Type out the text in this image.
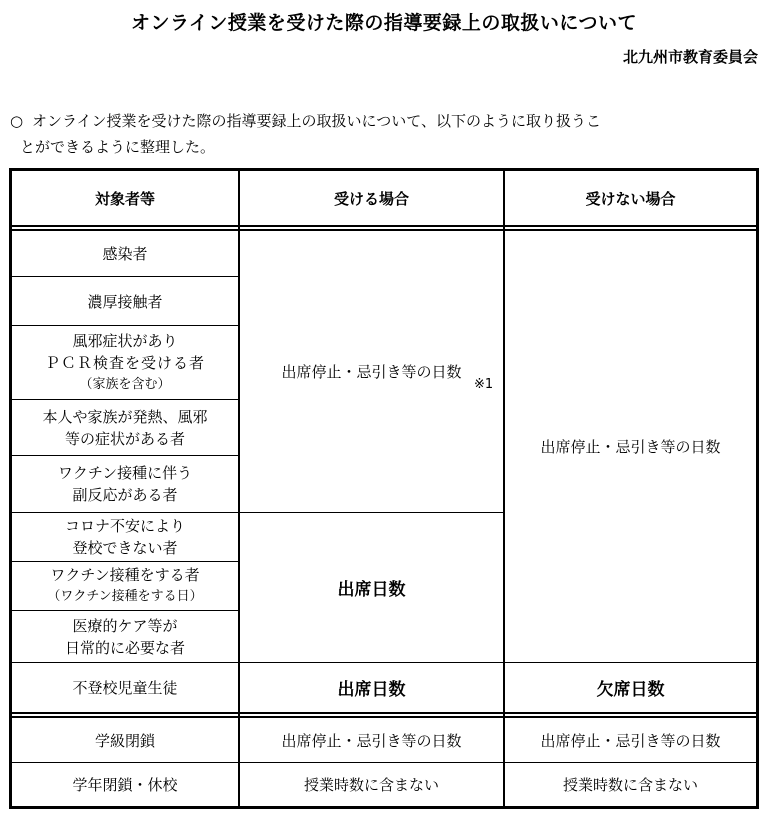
オンライン授業を受けた際の指導要録上の取扱いについて
北九州市教育委員会
○ オンライン授業を受けた際の指導要録上の取扱いについて、以下のように取り扱うこ
とができるように整理した。
対象者等	受ける場合	受けない場合
感染者
濃厚接触者
風邪症状があり
ＰＣＲ検査を受ける者
（家族を含む）
本人や家族が発熱、風邪
等の症状がある者
ワクチン接種に伴う
副反応がある者
コロナ不安により
登校できない者
ワクチン接種をする者
（ワクチン接種をする日）
医療的ケア等が
日常的に必要な者
不登校児童生徒
学級閉鎖
学年閉鎖・休校
出席停止・忌引き等の日数
※1
出席日数
出席日数
出席停止・忌引き等の日数
授業時数に含まない
出席停止・忌引き等の日数
欠席日数
出席停止・忌引き等の日数
授業時数に含まない
